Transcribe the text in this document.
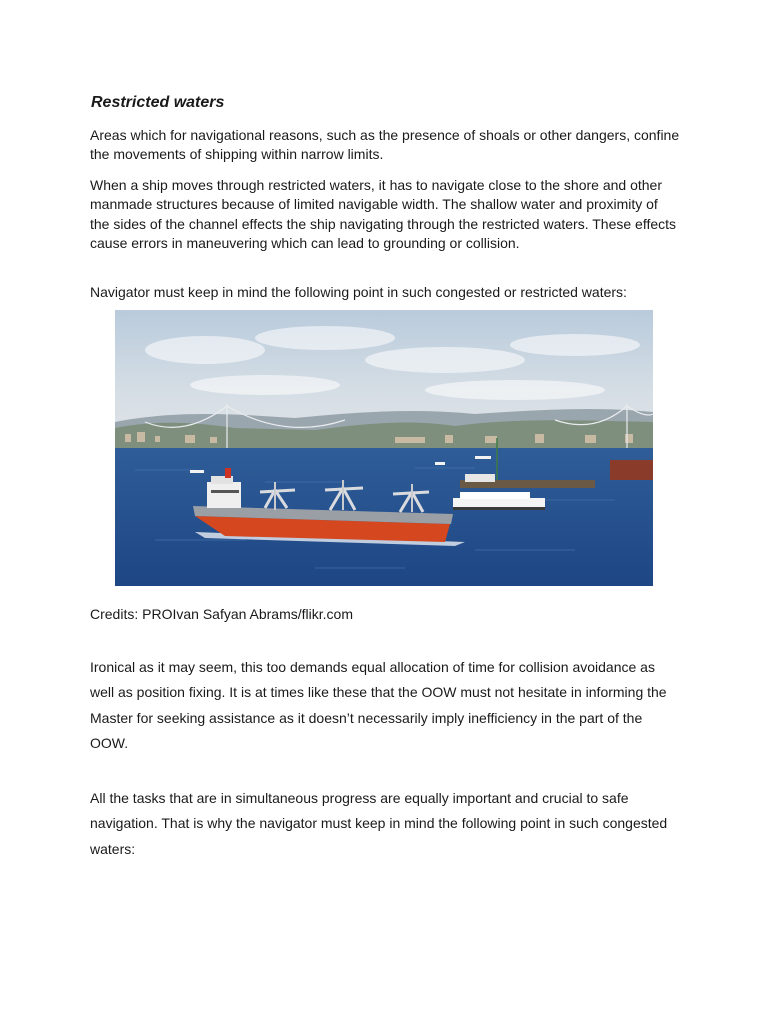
Restricted waters

Areas which for navigational reasons, such as the presence of shoals or other dangers, confine the movements of shipping within narrow limits.

When a ship moves through restricted waters, it has to navigate close to the shore and other manmade structures because of limited navigable width. The shallow water and proximity of the sides of the channel effects the ship navigating through the restricted waters. These effects cause errors in maneuvering which can lead to grounding or collision.

Navigator must keep in mind the following point in such congested or restricted waters:

Credits: PROIvan Safyan Abrams/flikr.com

Ironical as it may seem, this too demands equal allocation of time for collision avoidance as well as position fixing. It is at times like these that the OOW must not hesitate in informing the Master for seeking assistance as it doesn’t necessarily imply inefficiency in the part of the OOW.

All the tasks that are in simultaneous progress are equally important and crucial to safe navigation. That is why the navigator must keep in mind the following point in such congested waters:
